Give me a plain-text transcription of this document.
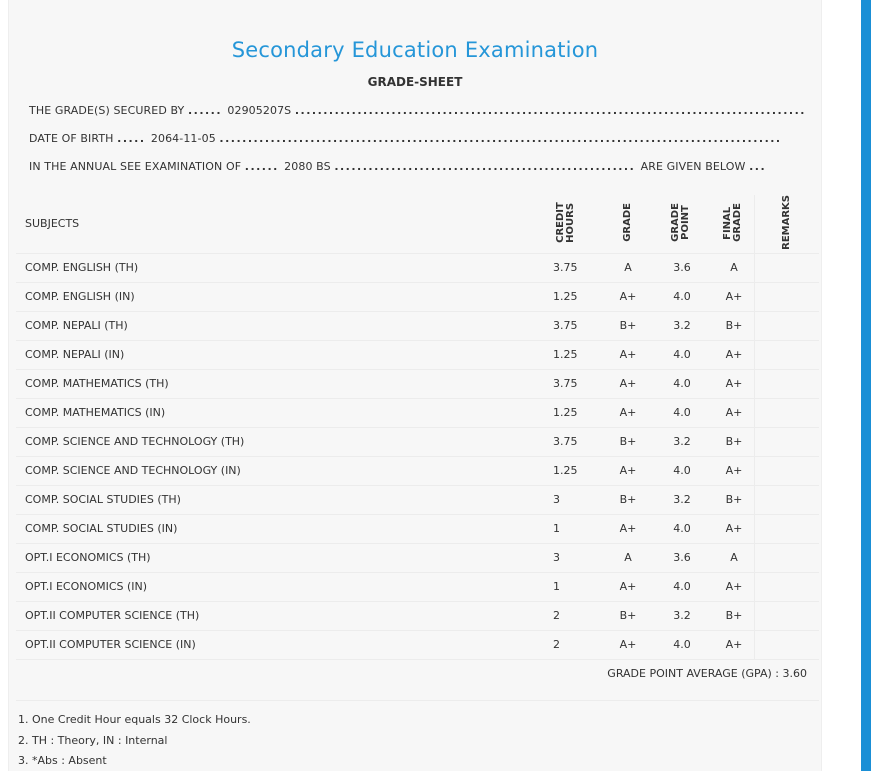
Secondary Education Examination
GRADE-SHEET
THE GRADE(S) SECURED BY ...... 02905207S ..........................................................................................
DATE OF BIRTH ..... 2064-11-05 ...................................................................................................
IN THE ANNUAL SEE EXAMINATION OF ...... 2080 BS ..................................................... ARE GIVEN BELOW ...
SUBJECTS	CREDIT HOURS	GRADE	GRADE POINT	FINAL GRADE	REMARKS
COMP. ENGLISH (TH)	3.75	A	3.6	A	
COMP. ENGLISH (IN)	1.25	A+	4.0	A+	
COMP. NEPALI (TH)	3.75	B+	3.2	B+	
COMP. NEPALI (IN)	1.25	A+	4.0	A+	
COMP. MATHEMATICS (TH)	3.75	A+	4.0	A+	
COMP. MATHEMATICS (IN)	1.25	A+	4.0	A+	
COMP. SCIENCE AND TECHNOLOGY (TH)	3.75	B+	3.2	B+	
COMP. SCIENCE AND TECHNOLOGY (IN)	1.25	A+	4.0	A+	
COMP. SOCIAL STUDIES (TH)	3	B+	3.2	B+	
COMP. SOCIAL STUDIES (IN)	1	A+	4.0	A+	
OPT.I ECONOMICS (TH)	3	A	3.6	A	
OPT.I ECONOMICS (IN)	1	A+	4.0	A+	
OPT.II COMPUTER SCIENCE (TH)	2	B+	3.2	B+	
OPT.II COMPUTER SCIENCE (IN)	2	A+	4.0	A+	
GRADE POINT AVERAGE (GPA) : 3.60
1. One Credit Hour equals 32 Clock Hours.
2. TH : Theory, IN : Internal
3. *Abs : Absent
